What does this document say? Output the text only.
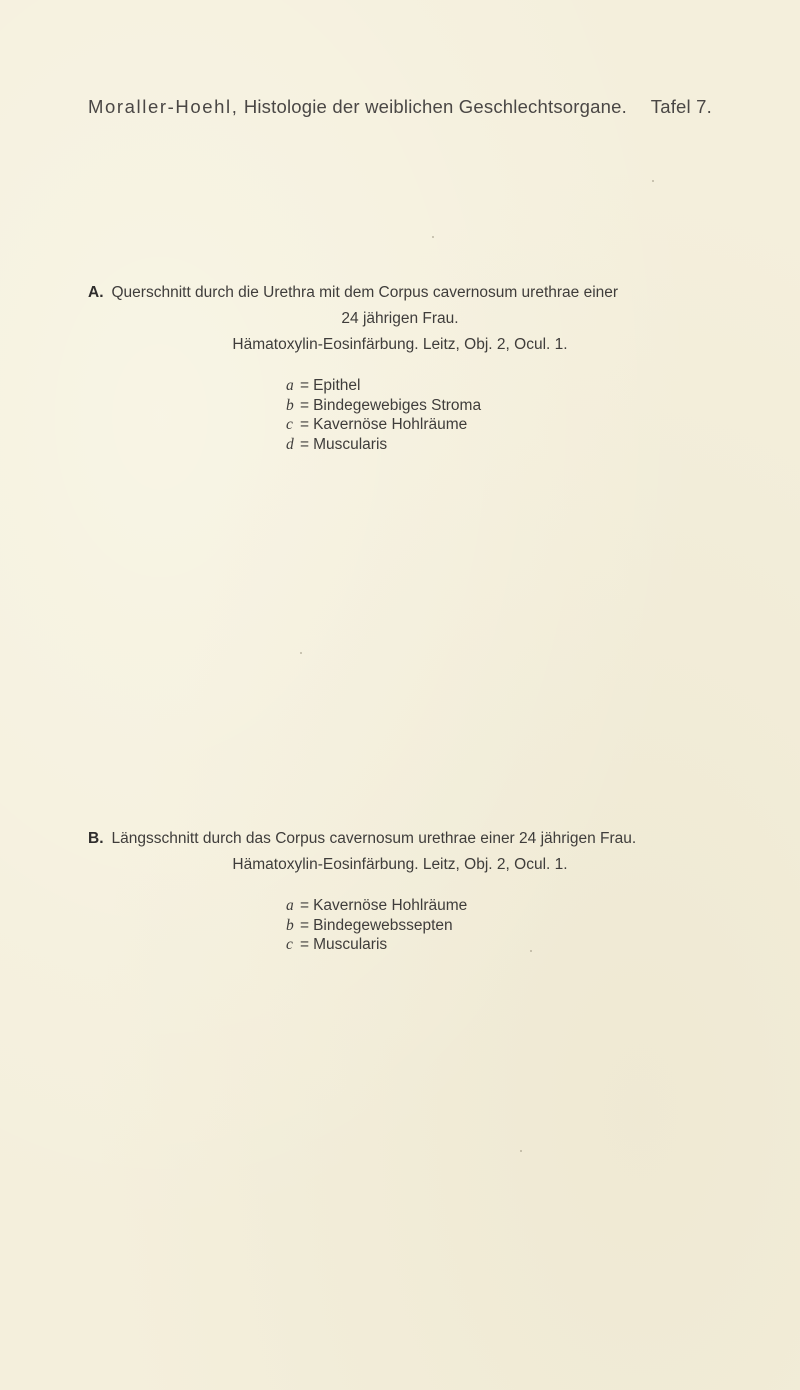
Moraller-Hoehl, Histologie der weiblichen Geschlechtsorgane. Tafel 7.
A. Querschnitt durch die Urethra mit dem Corpus cavernosum urethrae einer
24 jährigen Frau.
Hämatoxylin-Eosinfärbung. Leitz, Obj. 2, Ocul. 1.
a = Epithel
b = Bindegewebiges Stroma
c = Kavernöse Hohlräume
d = Muscularis
B. Längsschnitt durch das Corpus cavernosum urethrae einer 24 jährigen Frau.
Hämatoxylin-Eosinfärbung. Leitz, Obj. 2, Ocul. 1.
a = Kavernöse Hohlräume
b = Bindegewebssepten
c = Muscularis
